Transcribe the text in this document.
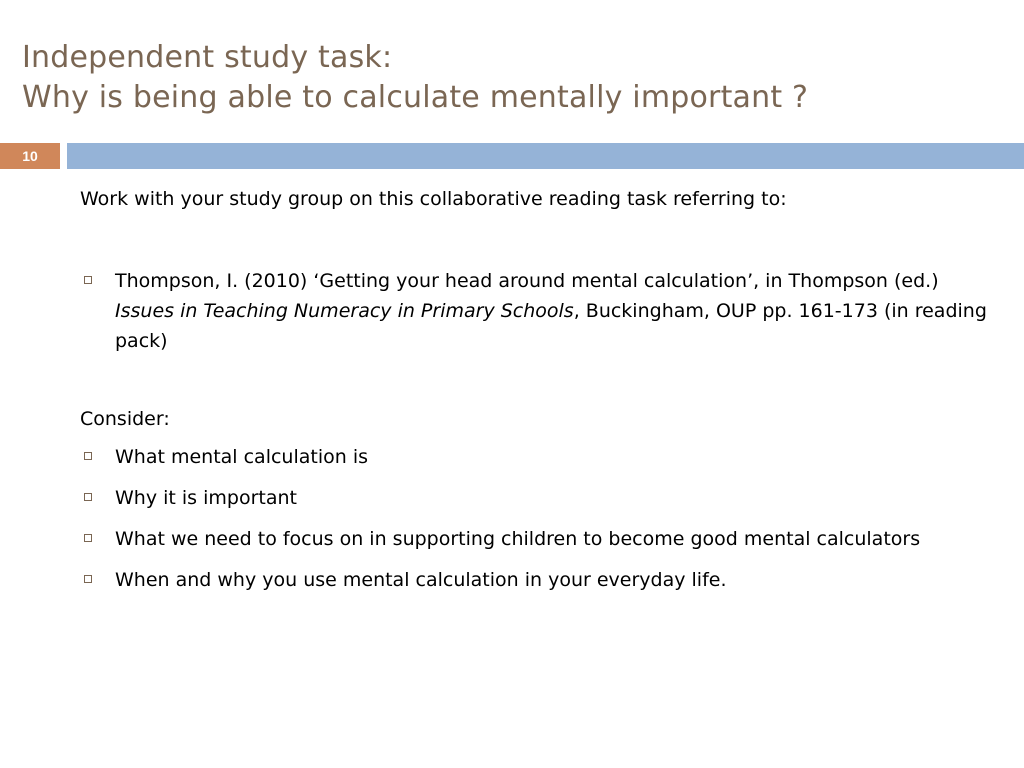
Independent study task:
Why is being able to calculate mentally important ?
10

Work with your study group on this collaborative reading task referring to:

Thompson, I. (2010) ‘Getting your head around mental calculation’, in Thompson (ed.) Issues in Teaching Numeracy in Primary Schools, Buckingham, OUP pp. 161-173 (in reading pack)

Consider:

What mental calculation is
Why it is important
What we need to focus on in supporting children to become good mental calculators
When and why you use mental calculation in your everyday life.
